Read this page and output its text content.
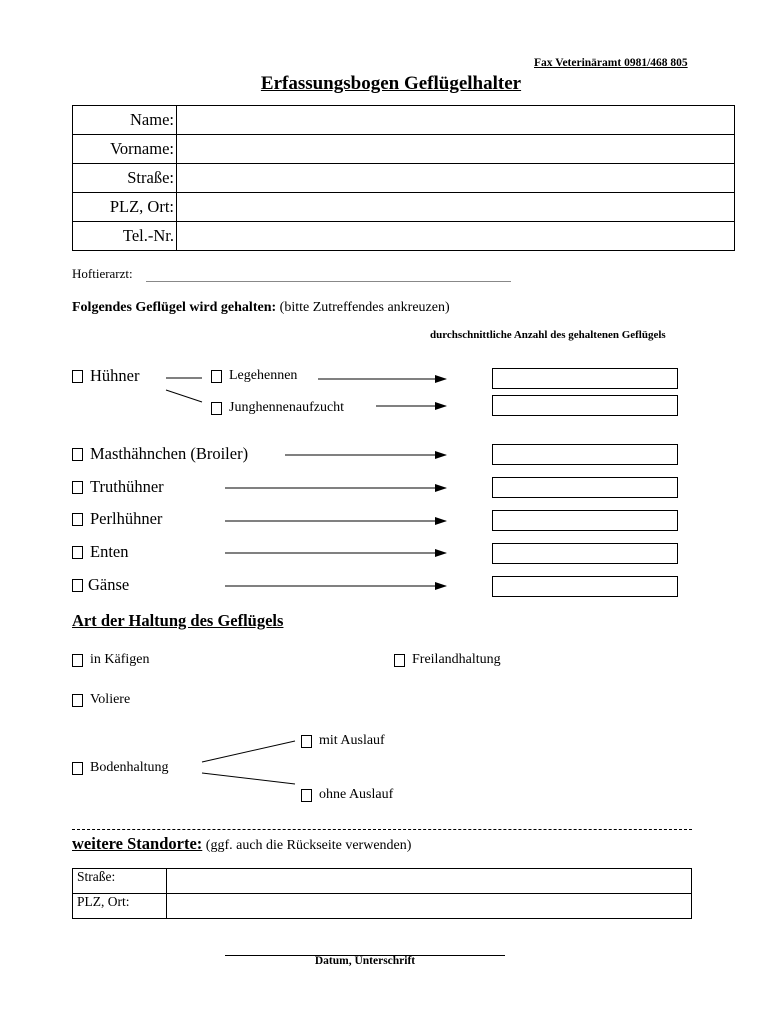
Fax Veterinäramt 0981/468 805
Erfassungsbogen Geflügelhalter
Name:	
Vorname:	
Straße:	
PLZ, Ort:	
Tel.-Nr.	
Hoftierarzt:
Folgendes Geflügel wird gehalten: (bitte Zutreffendes ankreuzen)
durchschnittliche Anzahl des gehaltenen Geflügels
Hühner	Legehennen
Junghennenaufzucht
Masthähnchen (Broiler)
Truthühner
Perlhühner
Enten
Gänse
Art der Haltung des Geflügels
in Käfigen	Freilandhaltung
Voliere
mit Auslauf
Bodenhaltung
ohne Auslauf
weitere Standorte: (ggf. auch die Rückseite verwenden)
Straße:	
PLZ, Ort:	
Datum, Unterschrift
